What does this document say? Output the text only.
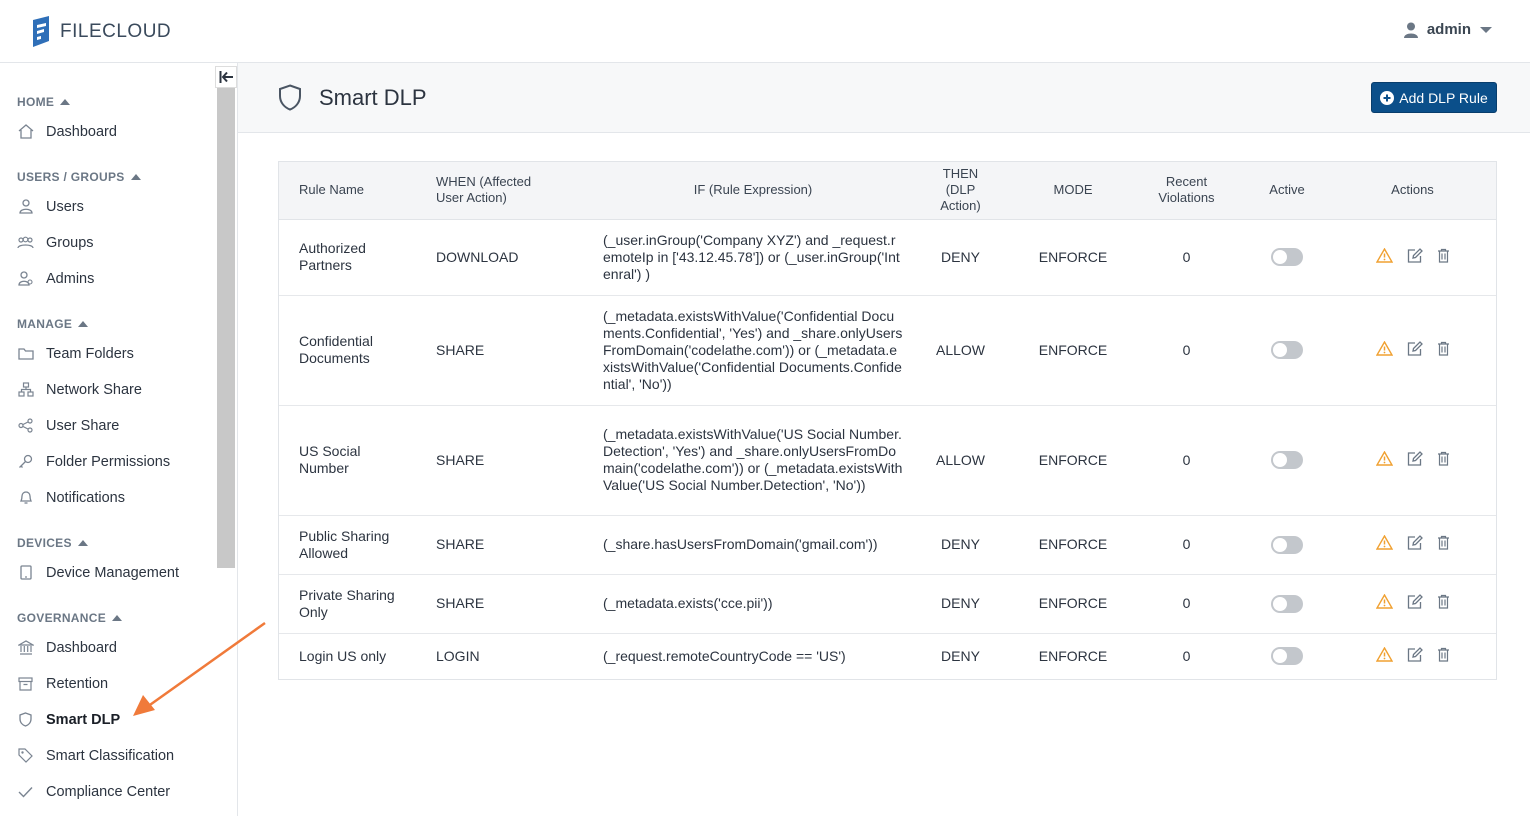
FILECLOUD	admin
HOME
Dashboard
USERS / GROUPS
Users
Groups
Admins
MANAGE
Team Folders
Network Share
User Share
Folder Permissions
Notifications
DEVICES
Device Management
GOVERNANCE
Dashboard
Retention
Smart DLP
Smart Classification
Compliance Center
Smart DLP	Add DLP Rule
Rule Name	WHEN (Affected User Action)	IF (Rule Expression)	THEN (DLP Action)	MODE	Recent Violations	Active	Actions
Authorized Partners	DOWNLOAD	(_user.inGroup('Company XYZ') and _request.remoteIp in ['43.12.45.78']) or (_user.inGroup('Intenral') )	DENY	ENFORCE	0		

Confidential Documents	SHARE	(_metadata.existsWithValue('Confidential Documents.Confidential', 'Yes') and _share.onlyUsersFromDomain('codelathe.com')) or (_metadata.existsWithValue('Confidential Documents.Confidential', 'No'))	ALLOW	ENFORCE	0		

US Social Number	SHARE	(_metadata.existsWithValue('US Social Number.Detection', 'Yes') and _share.onlyUsersFromDomain('codelathe.com')) or (_metadata.existsWithValue('US Social Number.Detection', 'No'))	ALLOW	ENFORCE	0		

Public Sharing Allowed	SHARE	(_share.hasUsersFromDomain('gmail.com'))	DENY	ENFORCE	0		

Private Sharing Only	SHARE	(_metadata.exists('cce.pii'))	DENY	ENFORCE	0		

Login US only	LOGIN	(_request.remoteCountryCode == 'US')	DENY	ENFORCE	0		
